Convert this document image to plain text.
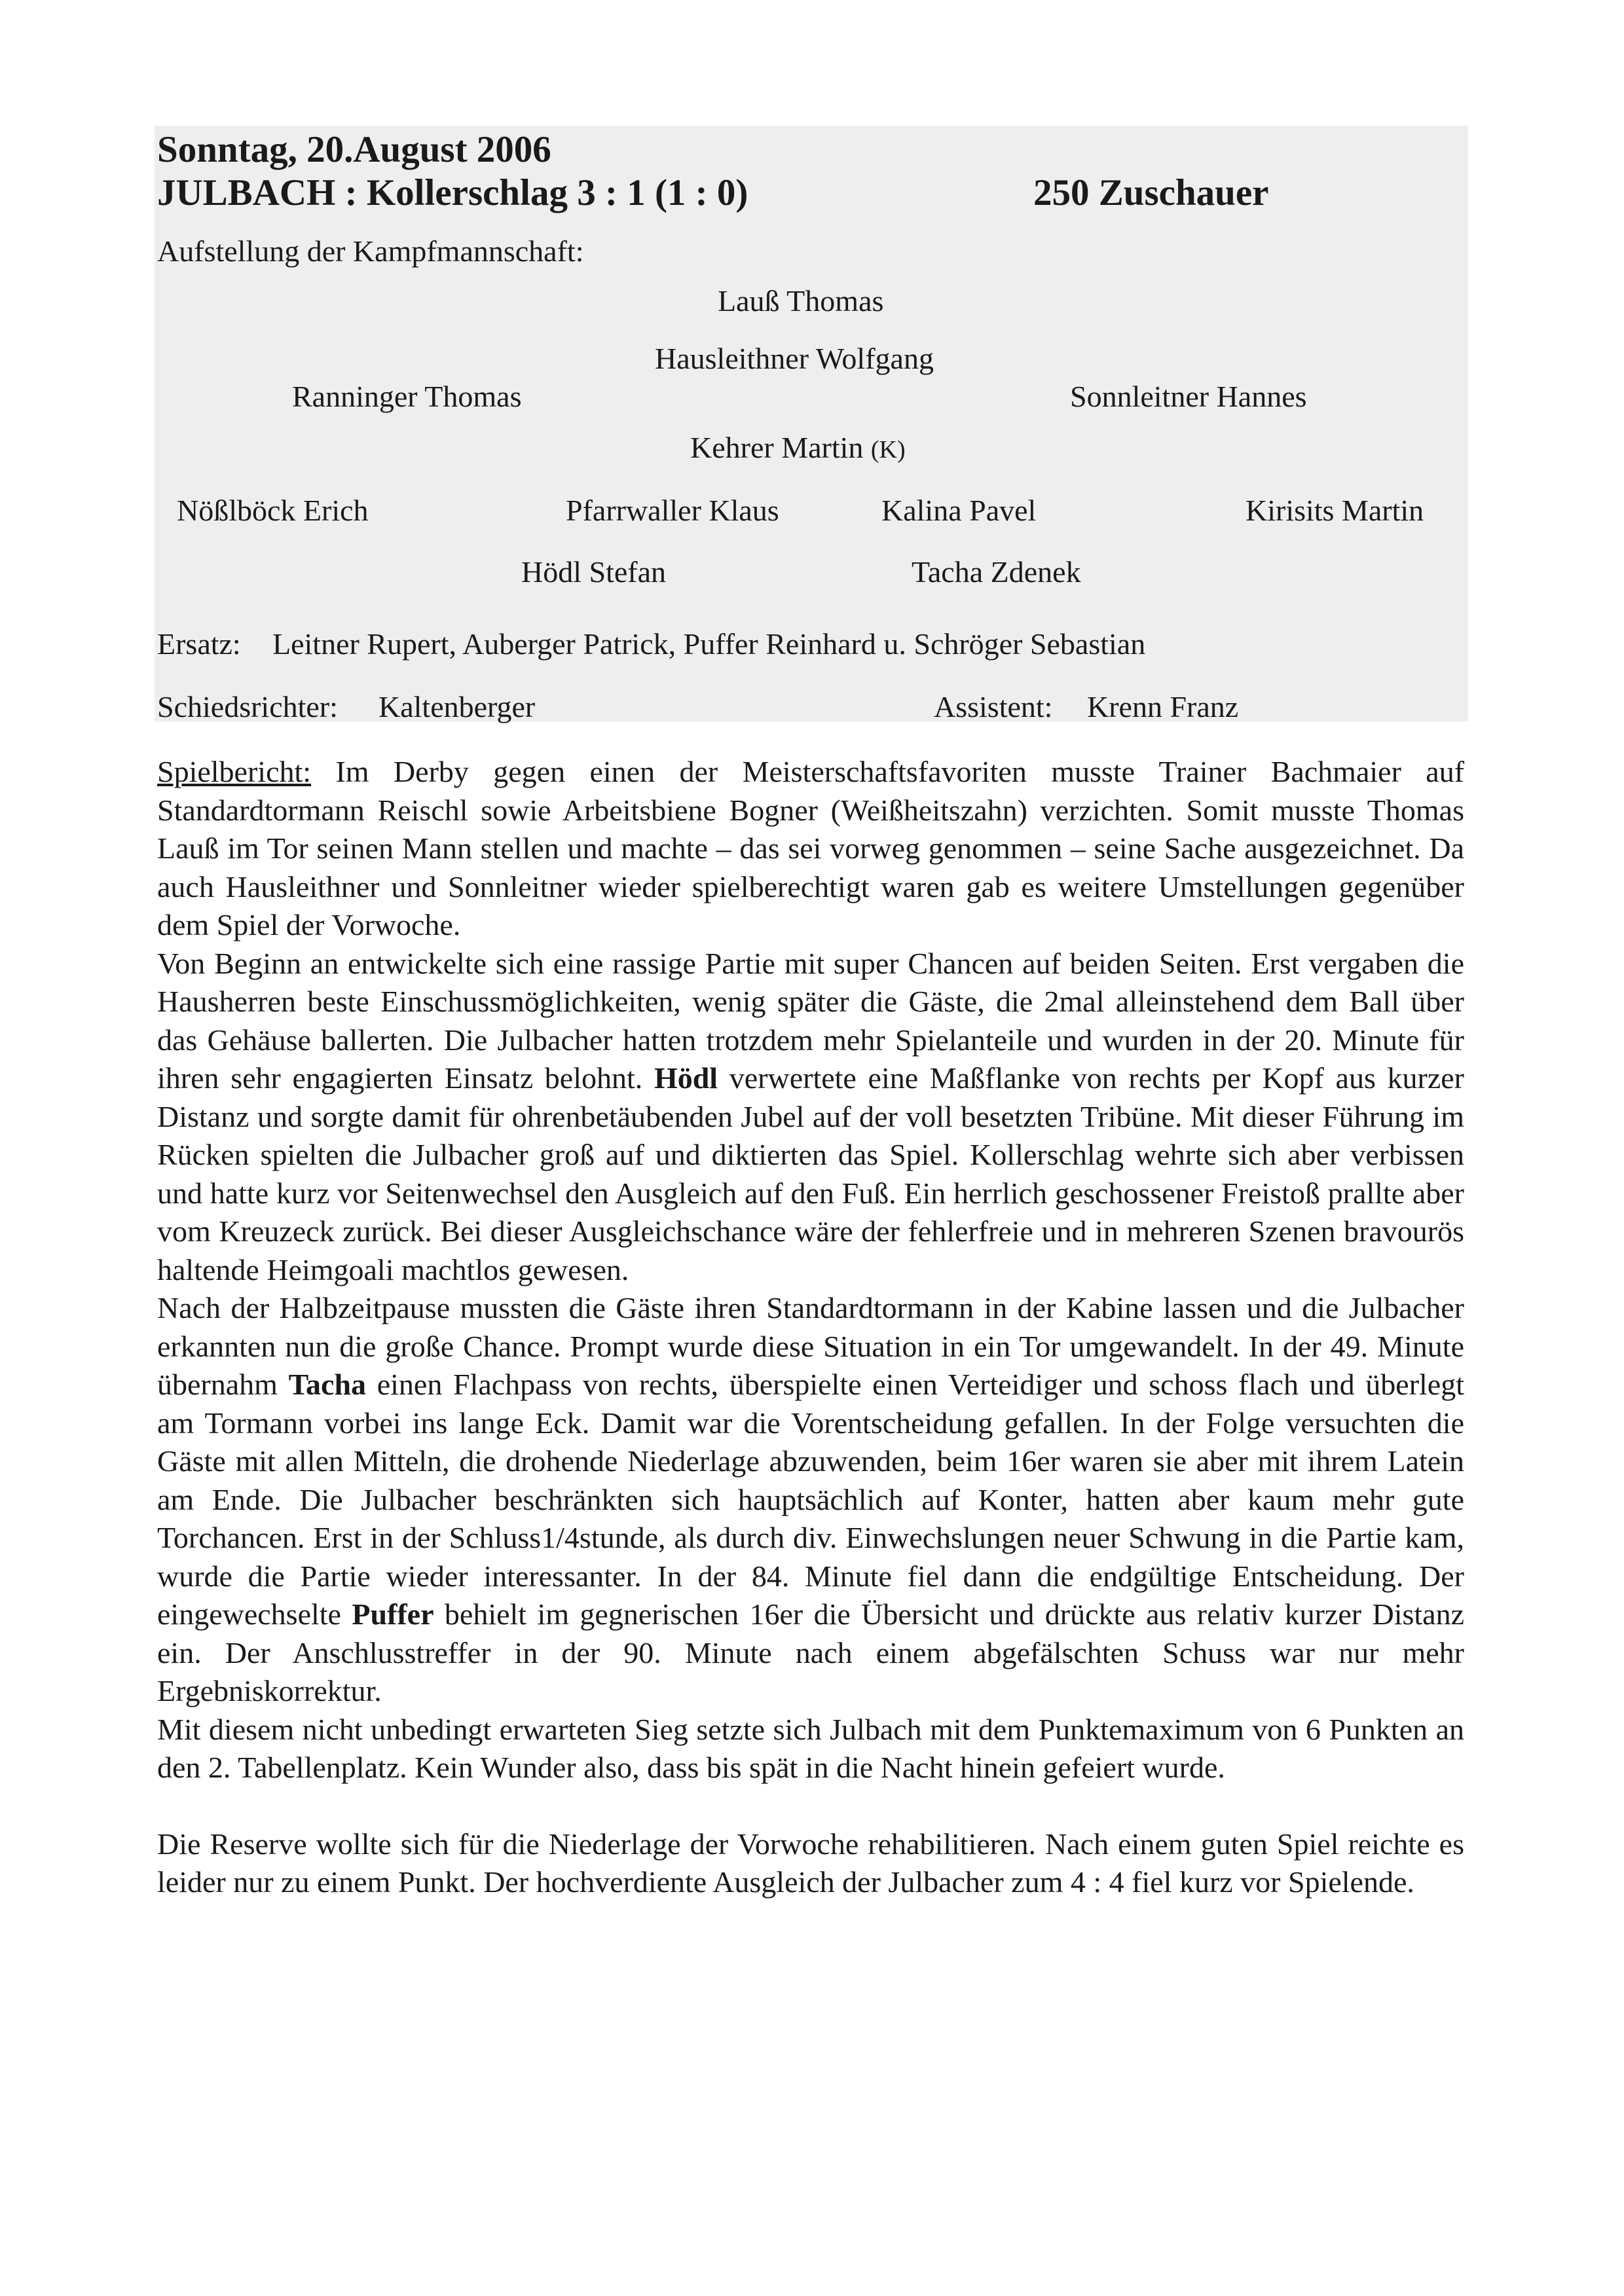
Sonntag, 20.August 2006
JULBACH : Kollerschlag 3 : 1 (1 : 0)	250 Zuschauer
Aufstellung der Kampfmannschaft:
Lauß Thomas
Hausleithner Wolfgang
Ranninger Thomas	Sonnleitner Hannes
Kehrer Martin (K)
Nößlböck Erich	Pfarrwaller Klaus	Kalina Pavel	Kirisits Martin
Hödl Stefan	Tacha Zdenek
Ersatz: Leitner Rupert, Auberger Patrick, Puffer Reinhard u. Schröger Sebastian
Schiedsrichter: Kaltenberger	Assistent: Krenn Franz

Spielbericht: Im Derby gegen einen der Meisterschaftsfavoriten musste Trainer Bachmaier auf Standardtormann Reischl sowie Arbeitsbiene Bogner (Weißheitszahn) verzichten. Somit musste Thomas Lauß im Tor seinen Mann stellen und machte – das sei vorweg genommen – seine Sache ausgezeichnet. Da auch Hausleithner und Sonnleitner wieder spielberechtigt waren gab es weitere Umstellungen gegenüber dem Spiel der Vorwoche.

Von Beginn an entwickelte sich eine rassige Partie mit super Chancen auf beiden Seiten. Erst vergaben die Hausherren beste Einschussmöglichkeiten, wenig später die Gäste, die 2mal alleinstehend dem Ball über das Gehäuse ballerten. Die Julbacher hatten trotzdem mehr Spielanteile und wurden in der 20. Minute für ihren sehr engagierten Einsatz belohnt. Hödl verwertete eine Maßflanke von rechts per Kopf aus kurzer Distanz und sorgte damit für ohrenbetäubenden Jubel auf der voll besetzten Tribüne. Mit dieser Führung im Rücken spielten die Julbacher groß auf und diktierten das Spiel. Kollerschlag wehrte sich aber verbissen und hatte kurz vor Seitenwechsel den Ausgleich auf den Fuß. Ein herrlich geschossener Freistoß prallte aber vom Kreuzeck zurück. Bei dieser Ausgleichschance wäre der fehlerfreie und in mehreren Szenen bravourös haltende Heimgoali machtlos gewesen.

Nach der Halbzeitpause mussten die Gäste ihren Standardtormann in der Kabine lassen und die Julbacher erkannten nun die große Chance. Prompt wurde diese Situation in ein Tor umgewandelt. In der 49. Minute übernahm Tacha einen Flachpass von rechts, überspielte einen Verteidiger und schoss flach und überlegt am Tormann vorbei ins lange Eck. Damit war die Vorentscheidung gefallen. In der Folge versuchten die Gäste mit allen Mitteln, die drohende Niederlage abzuwenden, beim 16er waren sie aber mit ihrem Latein am Ende. Die Julbacher beschränkten sich hauptsächlich auf Konter, hatten aber kaum mehr gute Torchancen. Erst in der Schluss1/4stunde, als durch div. Einwechslungen neuer Schwung in die Partie kam, wurde die Partie wieder interessanter. In der 84. Minute fiel dann die endgültige Entscheidung. Der eingewechselte Puffer behielt im gegnerischen 16er die Übersicht und drückte aus relativ kurzer Distanz ein. Der Anschlusstreffer in der 90. Minute nach einem abgefälschten Schuss war nur mehr Ergebniskorrektur.

Mit diesem nicht unbedingt erwarteten Sieg setzte sich Julbach mit dem Punktemaximum von 6 Punkten an den 2. Tabellenplatz. Kein Wunder also, dass bis spät in die Nacht hinein gefeiert wurde.

Die Reserve wollte sich für die Niederlage der Vorwoche rehabilitieren. Nach einem guten Spiel reichte es leider nur zu einem Punkt. Der hochverdiente Ausgleich der Julbacher zum 4 : 4 fiel kurz vor Spielende.
